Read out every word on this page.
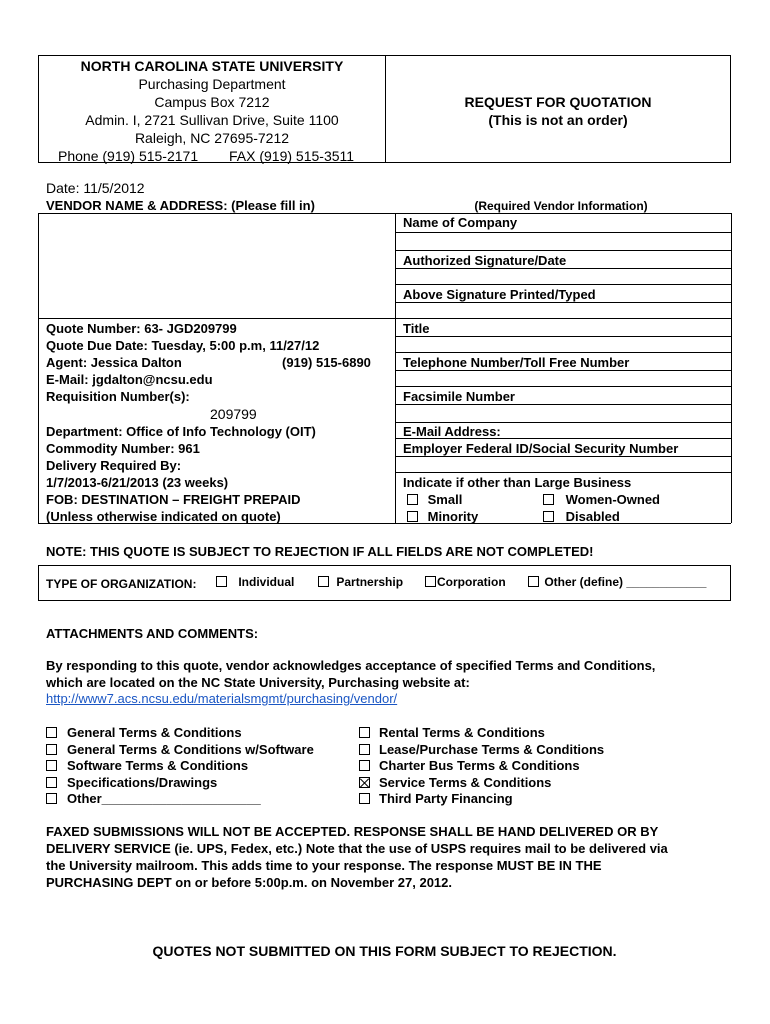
NORTH CAROLINA STATE UNIVERSITY
Purchasing Department
Campus Box 7212
Admin. I, 2721 Sullivan Drive, Suite 1100
Raleigh, NC 27695-7212
Phone (919) 515-2171 FAX (919) 515-3511
REQUEST FOR QUOTATION
(This is not an order)
Date: 11/5/2012
VENDOR NAME & ADDRESS: (Please fill in)	(Required Vendor Information)
Name of Company
Authorized Signature/Date
Above Signature Printed/Typed
Title
Telephone Number/Toll Free Number
Facsimile Number
E-Mail Address:
Employer Federal ID/Social Security Number
Indicate if other than Large Business
Small	Women-Owned
Minority	Disabled
Quote Number: 63- JGD209799
Quote Due Date: Tuesday, 5:00 p.m, 11/27/12
Agent: Jessica Dalton	(919) 515-6890
E-Mail: jgdalton@ncsu.edu
Requisition Number(s):
209799
Department: Office of Info Technology (OIT)
Commodity Number: 961
Delivery Required By:
1/7/2013-6/21/2013 (23 weeks)
FOB: DESTINATION – FREIGHT PREPAID
(Unless otherwise indicated on quote)
NOTE: THIS QUOTE IS SUBJECT TO REJECTION IF ALL FIELDS ARE NOT COMPLETED!
TYPE OF ORGANIZATION:	Individual	Partnership	Corporation	Other (define) ____________
ATTACHMENTS AND COMMENTS:
By responding to this quote, vendor acknowledges acceptance of specified Terms and Conditions,
which are located on the NC State University, Purchasing website at:
http://www7.acs.ncsu.edu/materialsmgmt/purchasing/vendor/
General Terms & Conditions
General Terms & Conditions w/Software
Software Terms & Conditions
Specifications/Drawings
Other______________________
Rental Terms & Conditions
Lease/Purchase Terms & Conditions
Charter Bus Terms & Conditions
Service Terms & Conditions
Third Party Financing
FAXED SUBMISSIONS WILL NOT BE ACCEPTED. RESPONSE SHALL BE HAND DELIVERED OR BY
DELIVERY SERVICE (ie. UPS, Fedex, etc.) Note that the use of USPS requires mail to be delivered via
the University mailroom. This adds time to your response. The response MUST BE IN THE
PURCHASING DEPT on or before 5:00p.m. on November 27, 2012.
QUOTES NOT SUBMITTED ON THIS FORM SUBJECT TO REJECTION.
